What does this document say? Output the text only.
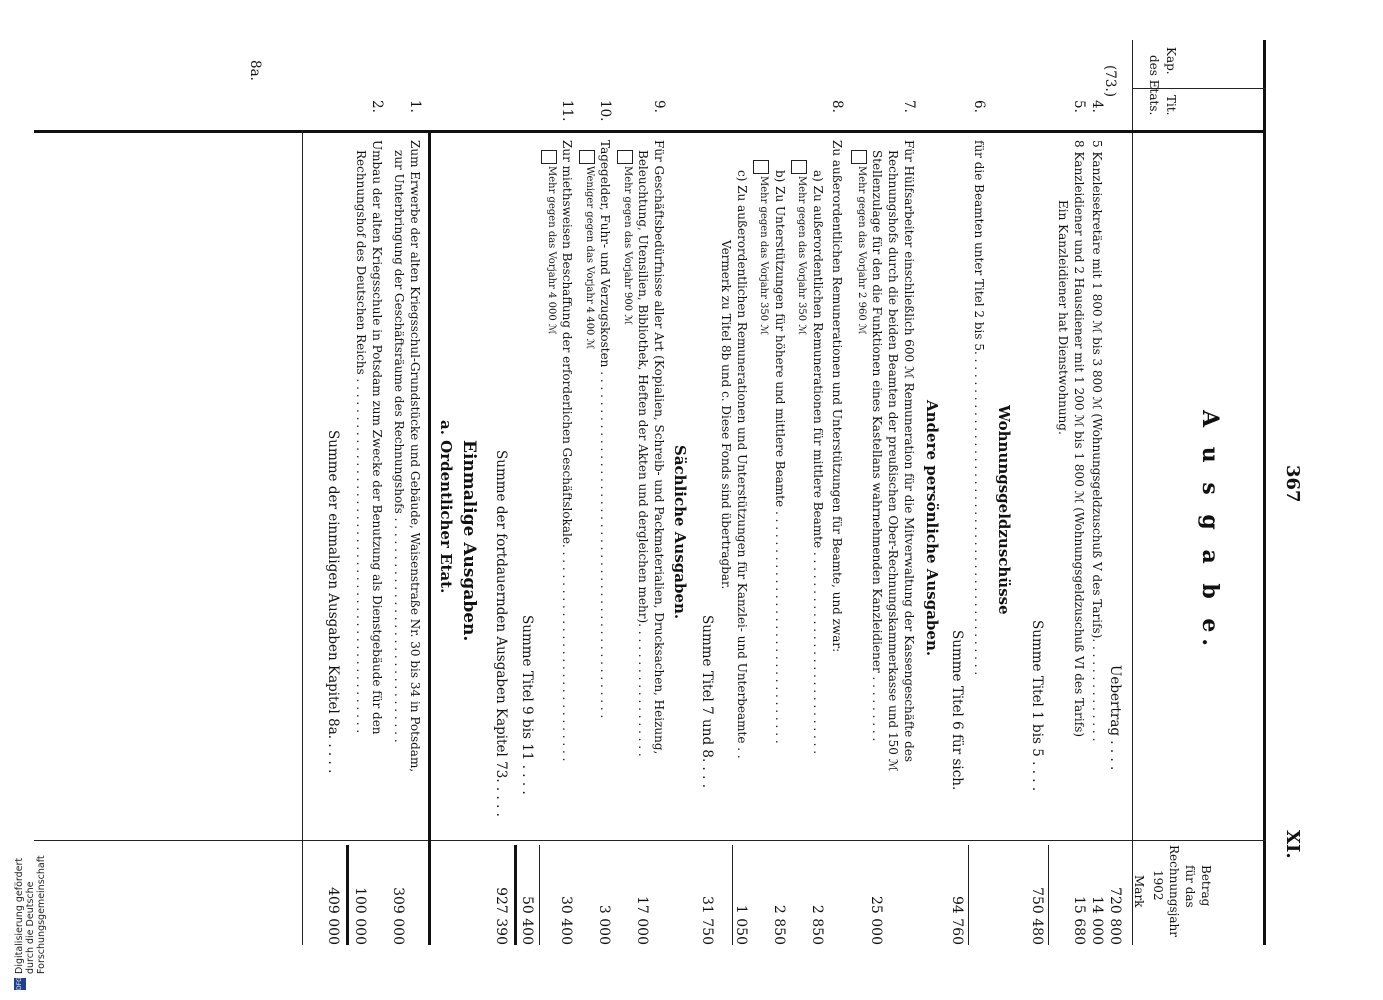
367
XI.
A u s g a b e.
Kap.
Tit.
des Etats.
Betrag
für das
Rechnungsjahr
1902
Mark
(73.)
8a.
Uebertrag . . . .
720 800
4.
5 Kanzleisekretäre mit 1 800 ℳ bis 3 800 ℳ (Wohnungsgeldzuschuß V des Tarifs). . . . . . . . . . . . . .
14 000
5.
8 Kanzleidiener und 2 Hausdiener mit 1 200 ℳ bis 1 800 ℳ (Wohnungsgeldzuschuß VI des Tarifs)
Ein Kanzleidiener hat Dienstwohnung.
15 680
Summe Titel 1 bis 5 . . . .
750 480
Wohnungsgeldzuschüsse
6.
für die Beamten unter Titel 2 bis 5. . . . . . . . . . . . . . . . . . . . . . . . . . . . . . . . . . . . . . . . . . .
Summe Titel 6 für sich.
94 760
Andere persönliche Ausgaben.
7.
Für Hülfsarbeiter einschließlich 600 ℳ Remuneration für die Mitverwaltung der Kassengeschäfte des
Rechnungshofs durch die beiden Beamten der preußischen Ober-Rechnungskammerkasse und 150 ℳ
Stellenzulage für den die Funktionen eines Kastellans wahrnehmenden Kanzleidiener . . . . . . . . .
25 000
Mehr gegen das Vorjahr 2 960 ℳ
8.
Zu außerordentlichen Remunerationen und Unterstützungen für Beamte, und zwar:
a) Zu außerordentlichen Remunerationen für mittlere Beamte . . . . . . . . . . . . . . . . . . . . . . . . . . .
2 850
Mehr gegen das Vorjahr 350 ℳ
b) Zu Unterstützungen für höhere und mittlere Beamte . . . . . . . . . . . . . . . . . . . . . . . . . . . . . . .
2 850
Mehr gegen das Vorjahr 350 ℳ
c) Zu außerordentlichen Remunerationen und Unterstützungen für Kanzlei- und Unterbeamte . .
Vermerk zu Titel 8b und c. Diese Fonds sind übertragbar.
1 050
Summe Titel 7 und 8. . . .
31 750
Sächliche Ausgaben.
9.
Für Geschäftsbedürfnisse aller Art (Kopialien, Schreib- und Packmaterialien, Drucksachen, Heizung,
Beleuchtung, Utensilien, Bibliothek, Heften der Akten und dergleichen mehr). . . . . . . . . . . . . . . . . .
17 000
Mehr gegen das Vorjahr 900 ℳ
10.
Tagegelder, Fuhr- und Verzugskosten . . . . . . . . . . . . . . . . . . . . . . . . . . . . . . . . . . . . . . . . . . . . . .
3 000
Weniger gegen das Vorjahr 4 400 ℳ
11.
Zur miethsweisen Beschaffung der erforderlichen Geschäftslokale. . . . . . . . . . . . . . . . . . . . . . . . . . . . .
30 400
Mehr gegen das Vorjahr 4 000 ℳ
Summe Titel 9 bis 11 . . . .
50 400
Summe der fortdauernden Ausgaben Kapitel 73. . . . .
927 390
Einmalige Ausgaben.
a. Ordentlicher Etat.
1.
Zum Erwerbe der alten Kriegsschul-Grundstücke und Gebäude, Waisenstraße Nr. 30 bis 34 in Potsdam,
zur Unterbringung der Geschäftsräume des Rechnungshofs . . . . . . . . . . . . . . . . . . . . . . . . . . . . . .
309 000
2.
Umbau der alten Kriegsschule in Potsdam zum Zwecke der Benutzung als Dienstgebäude für den
Rechnungshof des Deutschen Reichs . . . . . . . . . . . . . . . . . . . . . . . . . . . . . . . . . . . . . . . . . . . . . . .
100 000
Summe der einmaligen Ausgaben Kapitel 8a. . . . .
409 000
DFG
Digitalisierung gefördert durch die Deutsche Forschungsgemeinschaft
